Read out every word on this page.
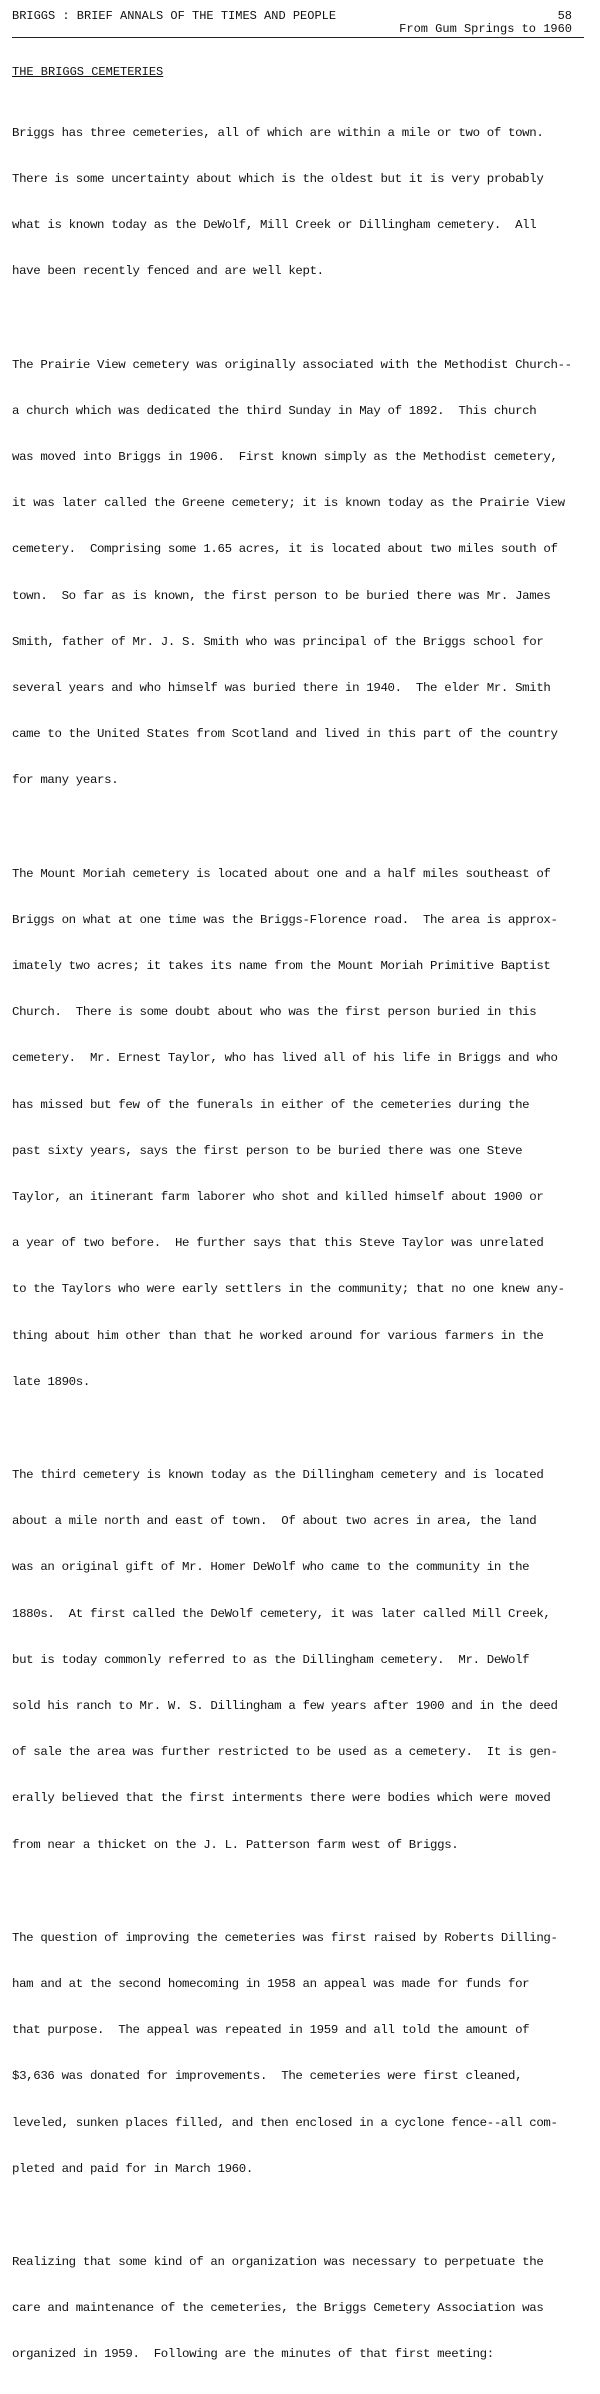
BRIGGS : BRIEF ANNALS OF THE TIMES AND PEOPLE	58
From Gum Springs to 1960
THE BRIGGS CEMETERIES

Briggs has three cemeteries, all of which are within a mile or two of town.

There is some uncertainty about which is the oldest but it is very probably

what is known today as the DeWolf, Mill Creek or Dillingham cemetery.  All

have been recently fenced and are well kept.

The Prairie View cemetery was originally associated with the Methodist Church--

a church which was dedicated the third Sunday in May of 1892.  This church

was moved into Briggs in 1906.  First known simply as the Methodist cemetery,

it was later called the Greene cemetery; it is known today as the Prairie View

cemetery.  Comprising some 1.65 acres, it is located about two miles south of

town.  So far as is known, the first person to be buried there was Mr. James

Smith, father of Mr. J. S. Smith who was principal of the Briggs school for

several years and who himself was buried there in 1940.  The elder Mr. Smith

came to the United States from Scotland and lived in this part of the country

for many years.

The Mount Moriah cemetery is located about one and a half miles southeast of

Briggs on what at one time was the Briggs-Florence road.  The area is approx-

imately two acres; it takes its name from the Mount Moriah Primitive Baptist

Church.  There is some doubt about who was the first person buried in this

cemetery.  Mr. Ernest Taylor, who has lived all of his life in Briggs and who

has missed but few of the funerals in either of the cemeteries during the

past sixty years, says the first person to be buried there was one Steve

Taylor, an itinerant farm laborer who shot and killed himself about 1900 or

a year of two before.  He further says that this Steve Taylor was unrelated

to the Taylors who were early settlers in the community; that no one knew any-

thing about him other than that he worked around for various farmers in the

late 1890s.

The third cemetery is known today as the Dillingham cemetery and is located

about a mile north and east of town.  Of about two acres in area, the land

was an original gift of Mr. Homer DeWolf who came to the community in the

1880s.  At first called the DeWolf cemetery, it was later called Mill Creek,

but is today commonly referred to as the Dillingham cemetery.  Mr. DeWolf

sold his ranch to Mr. W. S. Dillingham a few years after 1900 and in the deed

of sale the area was further restricted to be used as a cemetery.  It is gen-

erally believed that the first interments there were bodies which were moved

from near a thicket on the J. L. Patterson farm west of Briggs.

The question of improving the cemeteries was first raised by Roberts Dilling-

ham and at the second homecoming in 1958 an appeal was made for funds for

that purpose.  The appeal was repeated in 1959 and all told the amount of

$3,636 was donated for improvements.  The cemeteries were first cleaned,

leveled, sunken places filled, and then enclosed in a cyclone fence--all com-

pleted and paid for in March 1960.

Realizing that some kind of an organization was necessary to perpetuate the

care and maintenance of the cemeteries, the Briggs Cemetery Association was

organized in 1959.  Following are the minutes of that first meeting:
